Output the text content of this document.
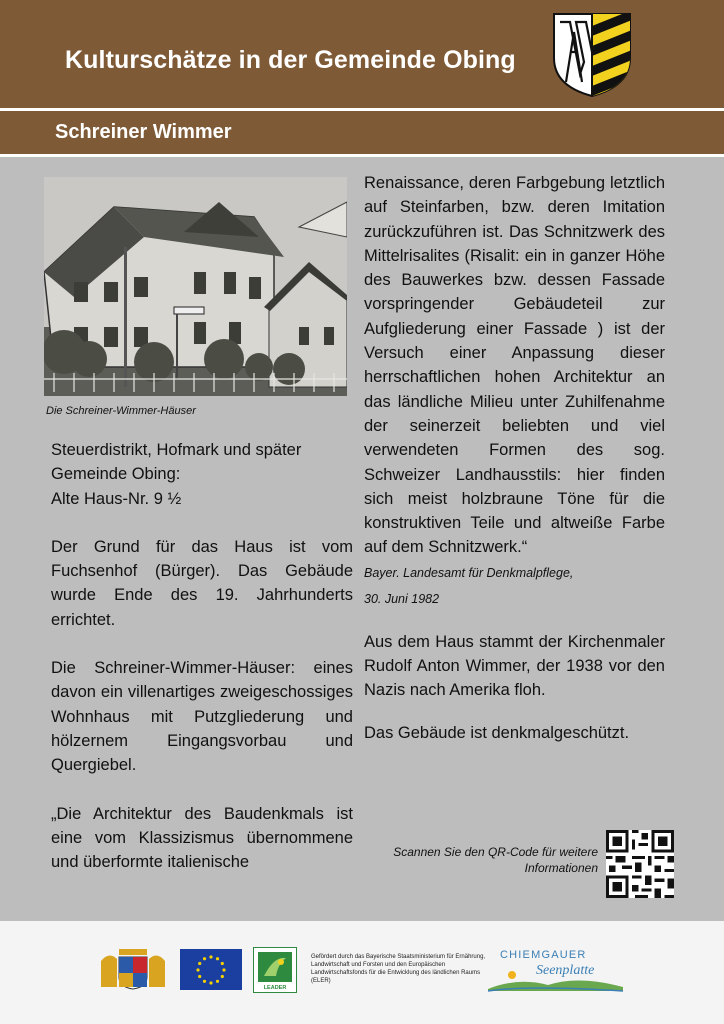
Kulturschätze in der Gemeinde Obing
Schreiner Wimmer
Die Schreiner-Wimmer-Häuser

Steuerdistrikt, Hofmark und später
Gemeinde Obing:
Alte Haus-Nr. 9 ½

Der Grund für das Haus ist vom Fuchsenhof (Bürger). Das Gebäude wurde Ende des 19. Jahrhunderts errichtet.

Die Schreiner-Wimmer-Häuser: eines davon ein villenartiges zweigeschossiges Wohnhaus mit Putzgliederung und hölzernem Eingangsvorbau und Quergiebel.

„Die Architektur des Baudenkmals ist eine vom Klassizismus übernommene und überformte italienische

Renaissance, deren Farbgebung letztlich auf Steinfarben, bzw. deren Imitation zurückzuführen ist. Das Schnitzwerk des Mittelrisalites (Risalit: ein in ganzer Höhe des Bauwerkes bzw. dessen Fassade vorspringender Gebäudeteil zur Aufgliederung einer Fassade ) ist der Versuch einer Anpassung dieser herrschaftlichen hohen Architektur an das ländliche Milieu unter Zuhilfenahme der seinerzeit beliebten und viel verwendeten Formen des sog. Schweizer Landhausstils: hier finden sich meist holzbraune Töne für die konstruktiven Teile und altweiße Farbe auf dem Schnitzwerk.“

Bayer. Landesamt für Denkmalpflege,
30. Juni 1982

Aus dem Haus stammt der Kirchenmaler Rudolf Anton Wimmer, der 1938 vor den Nazis nach Amerika floh.

Das Gebäude ist denkmalgeschützt.

Scannen Sie den QR-Code für weitere Informationen
LEADER
Gefördert durch das Bayerische Staatsministerium für Ernährung, Landwirtschaft und Forsten und den Europäischen Landwirtschaftsfonds für die Entwicklung des ländlichen Raums (ELER)
CHIEMGAUER
Seenplatte
